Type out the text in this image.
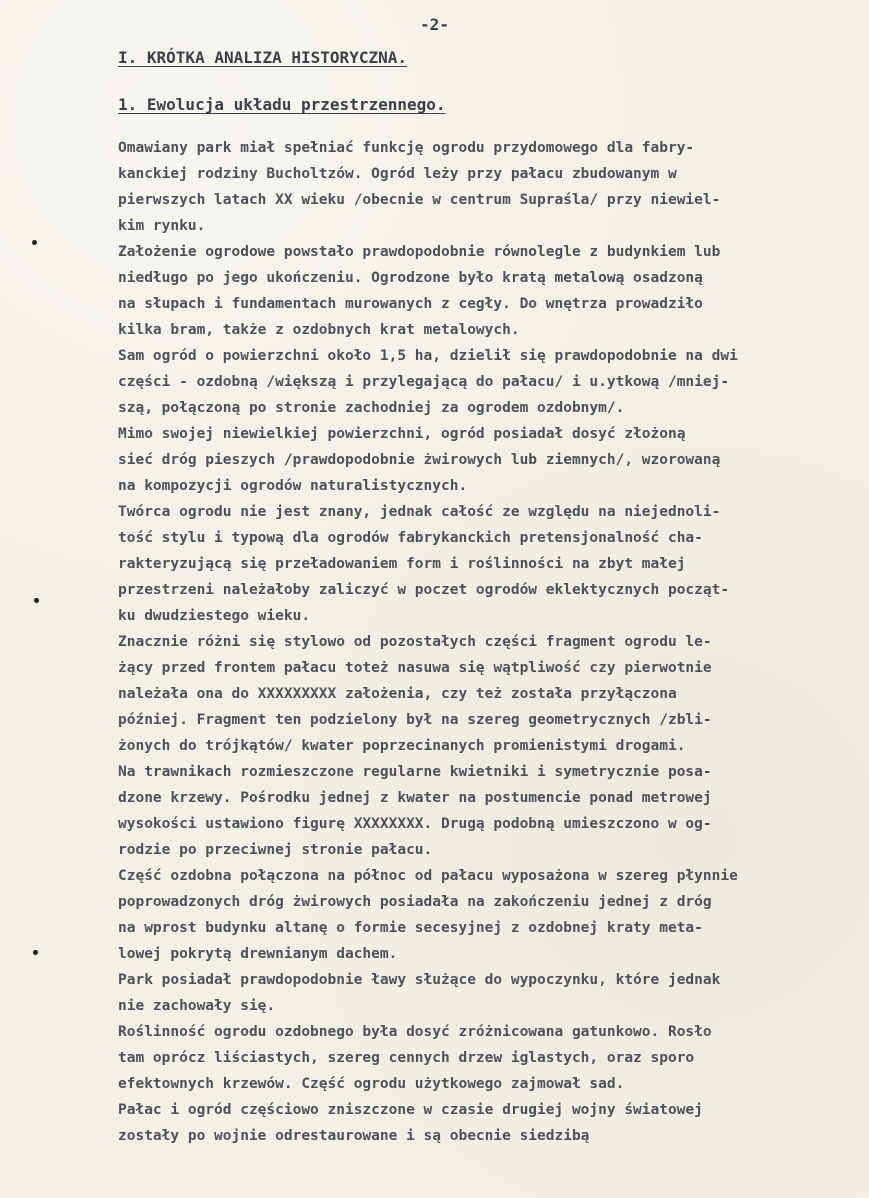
-2-
I. KRÓTKA ANALIZA HISTORYCZNA.
1. Ewolucja układu przestrzennego.
Omawiany park miał spełniać funkcję ogrodu przydomowego dla fabry-
kanckiej rodziny Bucholtzów. Ogród leży przy pałacu zbudowanym w
pierwszych latach XX wieku /obecnie w centrum Supraśla/ przy niewiel-
kim rynku.
Założenie ogrodowe powstało prawdopodobnie równolegle z budynkiem lub
niedługo po jego ukończeniu. Ogrodzone było kratą metalową osadzoną
na słupach i fundamentach murowanych z cegły. Do wnętrza prowadziło
kilka bram, także z ozdobnych krat metalowych.
Sam ogród o powierzchni około 1,5 ha, dzielił się prawdopodobnie na dwi
części - ozdobną /większą i przylegającą do pałacu/ i u.ytkową /mniej-
szą, połączoną po stronie zachodniej za ogrodem ozdobnym/.
Mimo swojej niewielkiej powierzchni, ogród posiadał dosyć złożoną
sieć dróg pieszych /prawdopodobnie żwirowych lub ziemnych/, wzorowaną
na kompozycji ogrodów naturalistycznych.
Twórca ogrodu nie jest znany, jednak całość ze względu na niejednoli-
tość stylu i typową dla ogrodów fabrykanckich pretensjonalność cha-
rakteryzującą się przeładowaniem form i roślinności na zbyt małej
przestrzeni należałoby zaliczyć w poczet ogrodów eklektycznych począt-
ku dwudziestego wieku.
Znacznie różni się stylowo od pozostałych części fragment ogrodu le-
żący przed frontem pałacu toteż nasuwa się wątpliwość czy pierwotnie
należała ona do XXXXXXXXX założenia, czy też została przyłączona
później. Fragment ten podzielony był na szereg geometrycznych /zbli-
żonych do trójkątów/ kwater poprzecinanych promienistymi drogami.
Na trawnikach rozmieszczone regularne kwietniki i symetrycznie posa-
dzone krzewy. Pośrodku jednej z kwater na postumencie ponad metrowej
wysokości ustawiono figurę XXXXXXXX. Drugą podobną umieszczono w og-
rodzie po przeciwnej stronie pałacu.
Część ozdobna połączona na północ od pałacu wyposażona w szereg płynnie
poprowadzonych dróg żwirowych posiadała na zakończeniu jednej z dróg
na wprost budynku altanę o formie secesyjnej z ozdobnej kraty meta-
lowej pokrytą drewnianym dachem.
Park posiadał prawdopodobnie ławy służące do wypoczynku, które jednak
nie zachowały się.
Roślinność ogrodu ozdobnego była dosyć zróżnicowana gatunkowo. Rosło
tam oprócz liściastych, szereg cennych drzew iglastych, oraz sporo
efektownych krzewów. Część ogrodu użytkowego zajmował sad.
Pałac i ogród częściowo zniszczone w czasie drugiej wojny światowej
zostały po wojnie odrestaurowane i są obecnie siedzibą
